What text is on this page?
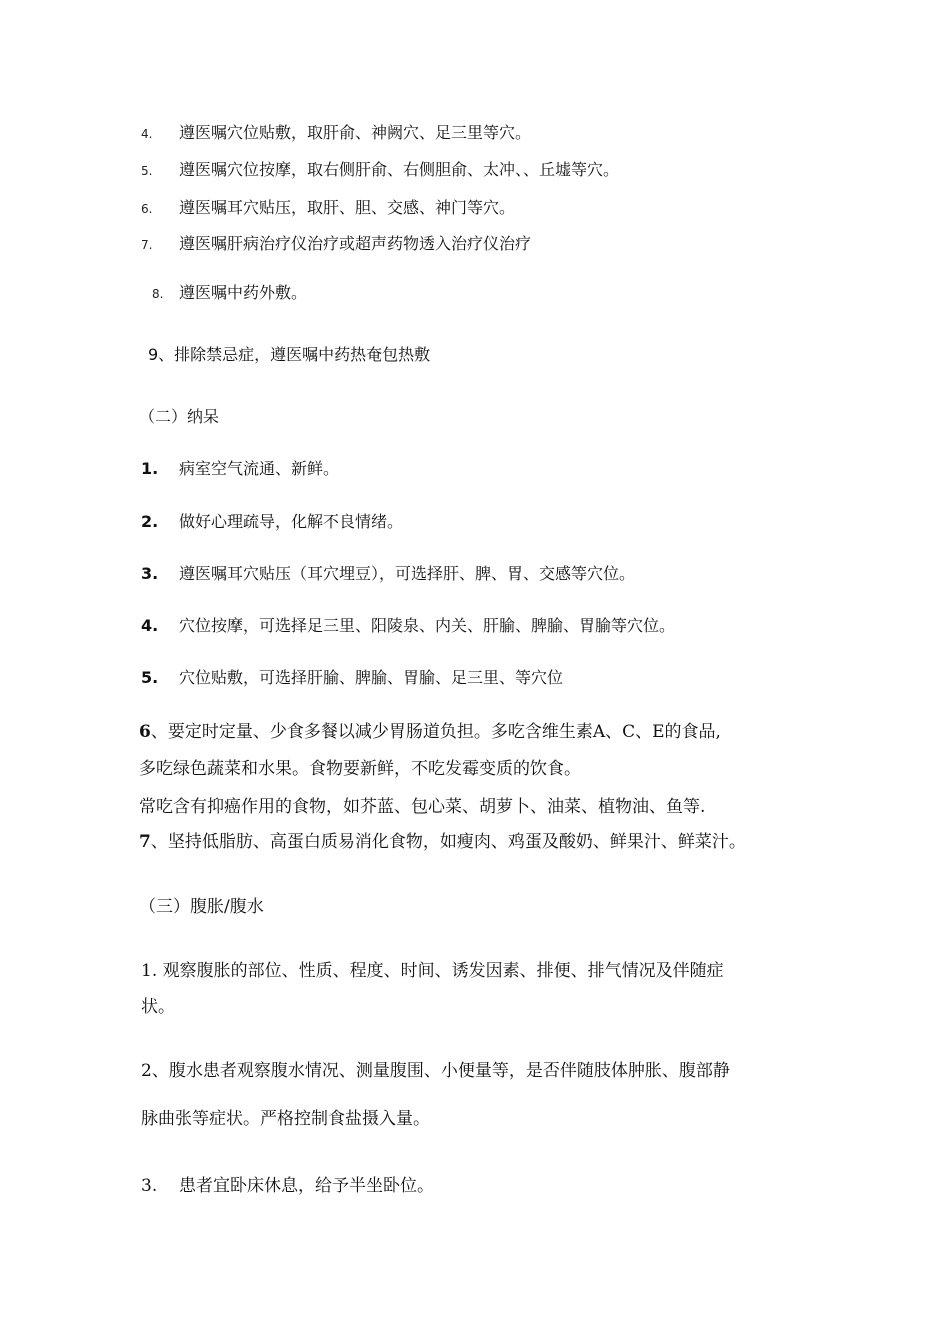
4. 遵医嘱穴位贴敷，取肝俞、神阙穴、足三里等穴。
5. 遵医嘱穴位按摩，取右侧肝俞、右侧胆俞、太冲、、丘墟等穴。
6. 遵医嘱耳穴贴压，取肝、胆、交感、神门等穴。
7. 遵医嘱肝病治疗仪治疗或超声药物透入治疗仪治疗
8. 遵医嘱中药外敷。
9、排除禁忌症，遵医嘱中药热奄包热敷
（二）纳呆
1. 病室空气流通、新鲜。
2. 做好心理疏导，化解不良情绪。
3. 遵医嘱耳穴贴压（耳穴埋豆），可选择肝、脾、胃、交感等穴位。
4. 穴位按摩，可选择足三里、阳陵泉、内关、肝腧、脾腧、胃腧等穴位。
5. 穴位贴敷，可选择肝腧、脾腧、胃腧、足三里、等穴位
6、要定时定量、少食多餐以减少胃肠道负担。多吃含维生素A、C、E的食品,
多吃绿色蔬菜和水果。食物要新鲜，不吃发霉变质的饮食。
常吃含有抑癌作用的食物，如芥蓝、包心菜、胡萝卜、油菜、植物油、鱼等.
7、坚持低脂肪、高蛋白质易消化食物，如瘦肉、鸡蛋及酸奶、鲜果汁、鲜菜汁。
（三）腹胀/腹水
1. 观察腹胀的部位、性质、程度、时间、诱发因素、排便、排气情况及伴随症
状。
2、腹水患者观察腹水情况、测量腹围、小便量等，是否伴随肢体肿胀、腹部静
脉曲张等症状。严格控制食盐摄入量。
3. 患者宜卧床休息，给予半坐卧位。
